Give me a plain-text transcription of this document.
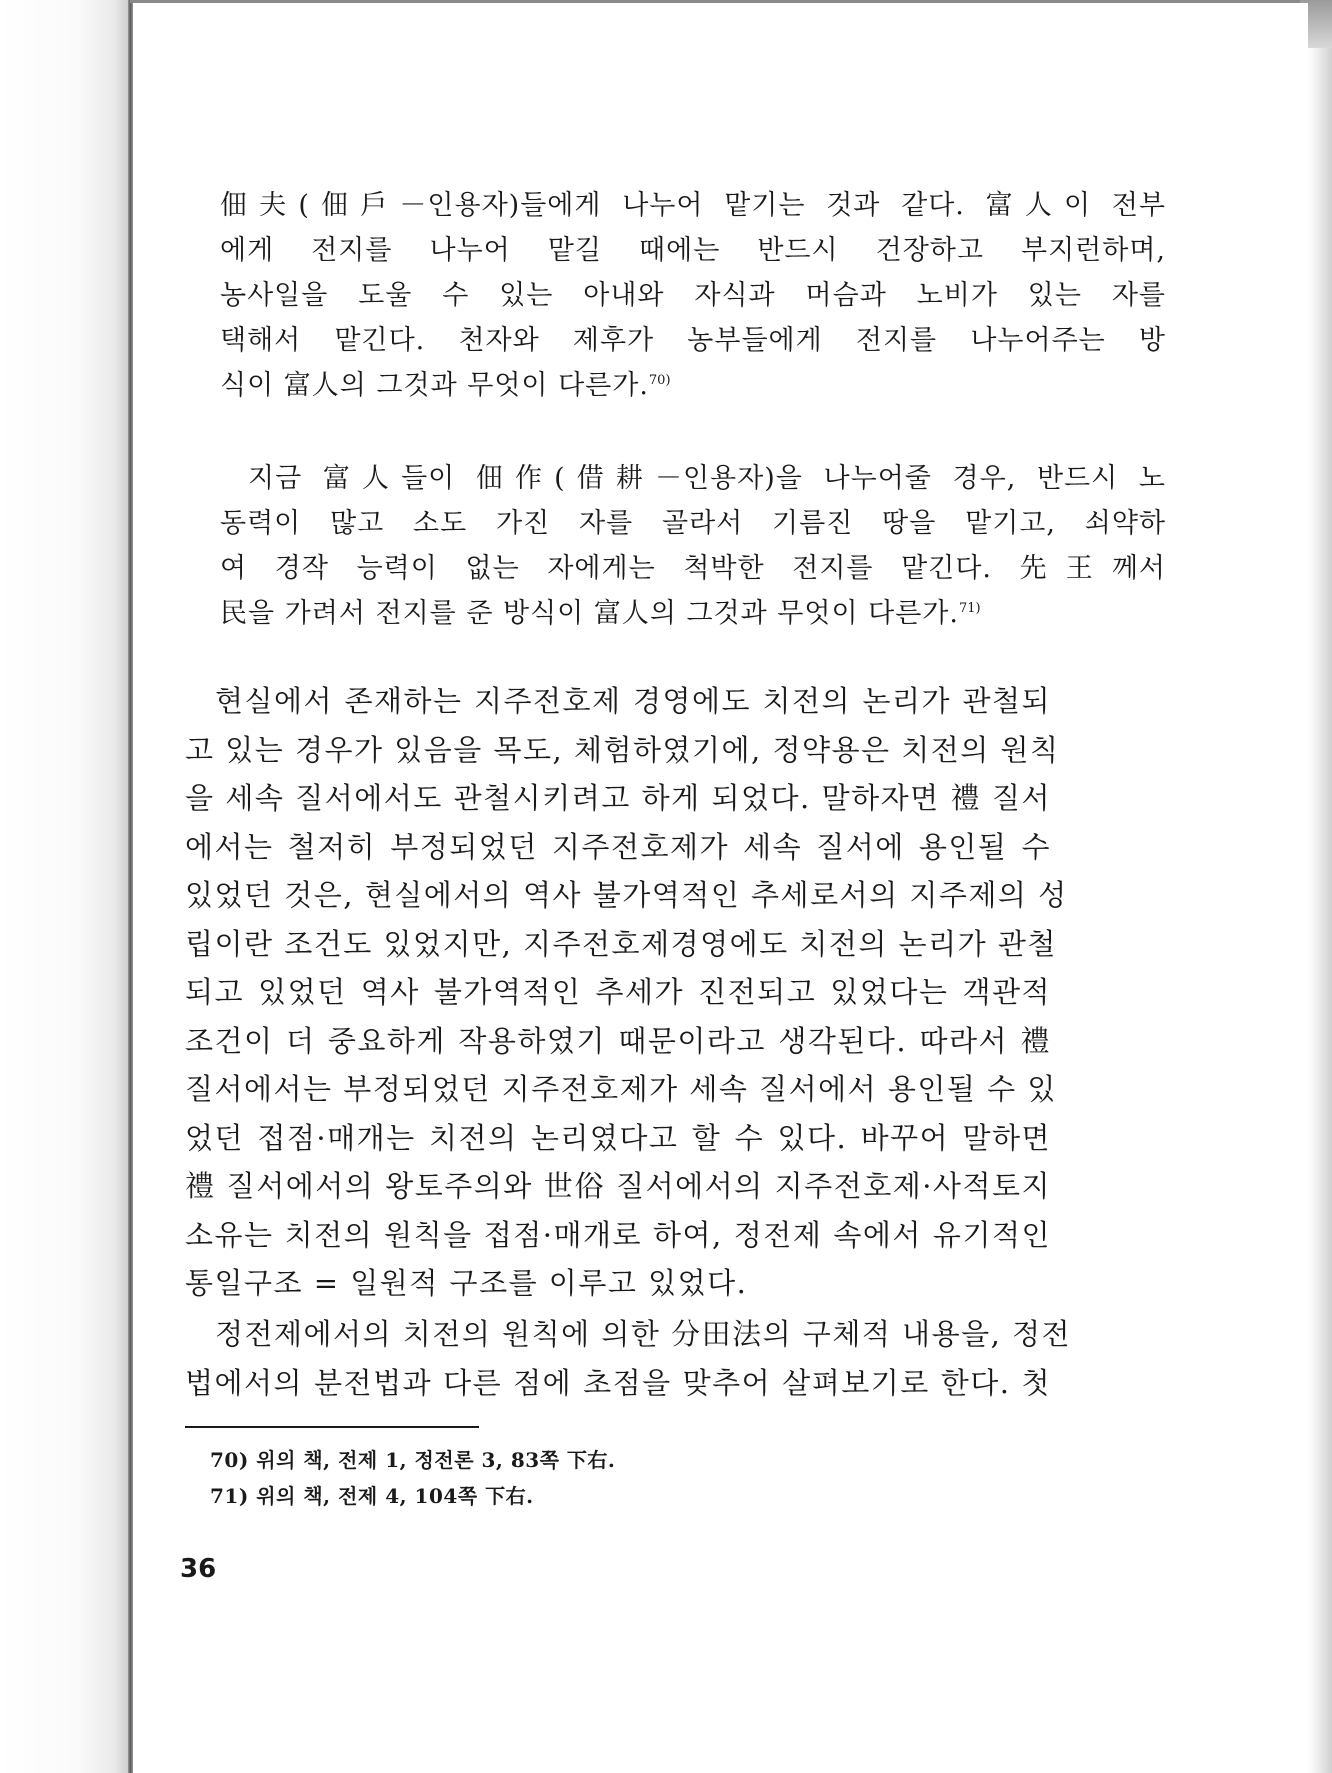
佃夫(佃戶－인용자)들에게 나누어 맡기는 것과 같다. 富人이 전부
에게 전지를 나누어 맡길 때에는 반드시 건장하고 부지런하며,
농사일을 도울 수 있는 아내와 자식과 머슴과 노비가 있는 자를
택해서 맡긴다. 천자와 제후가 농부들에게 전지를 나누어주는 방
식이 富人의 그것과 무엇이 다른가.$^{70)}$
지금 富人들이 佃作(借耕－인용자)을 나누어줄 경우, 반드시 노
동력이 많고 소도 가진 자를 골라서 기름진 땅을 맡기고, 쇠약하
여 경작 능력이 없는 자에게는 척박한 전지를 맡긴다. 先王께서
民을 가려서 전지를 준 방식이 富人의 그것과 무엇이 다른가.$^{71)}$
현실에서 존재하는 지주전호제 경영에도 치전의 논리가 관철되
고 있는 경우가 있음을 목도, 체험하였기에, 정약용은 치전의 원칙
을 세속 질서에서도 관철시키려고 하게 되었다. 말하자면 禮 질서
에서는 철저히 부정되었던 지주전호제가 세속 질서에 용인될 수
있었던 것은, 현실에서의 역사 불가역적인 추세로서의 지주제의 성
립이란 조건도 있었지만, 지주전호제경영에도 치전의 논리가 관철
되고 있었던 역사 불가역적인 추세가 진전되고 있었다는 객관적
조건이 더 중요하게 작용하였기 때문이라고 생각된다. 따라서 禮
질서에서는 부정되었던 지주전호제가 세속 질서에서 용인될 수 있
었던 접점·매개는 치전의 논리였다고 할 수 있다. 바꾸어 말하면
禮 질서에서의 왕토주의와 世俗 질서에서의 지주전호제·사적토지
소유는 치전의 원칙을 접점·매개로 하여, 정전제 속에서 유기적인
통일구조 = 일원적 구조를 이루고 있었다.
정전제에서의 치전의 원칙에 의한 分田法의 구체적 내용을, 정전
법에서의 분전법과 다른 점에 초점을 맞추어 살펴보기로 한다. 첫
70) 위의 책, 전제 1, 정전론 3, 83쪽 下右.
71) 위의 책, 전제 4, 104쪽 下右.
36
